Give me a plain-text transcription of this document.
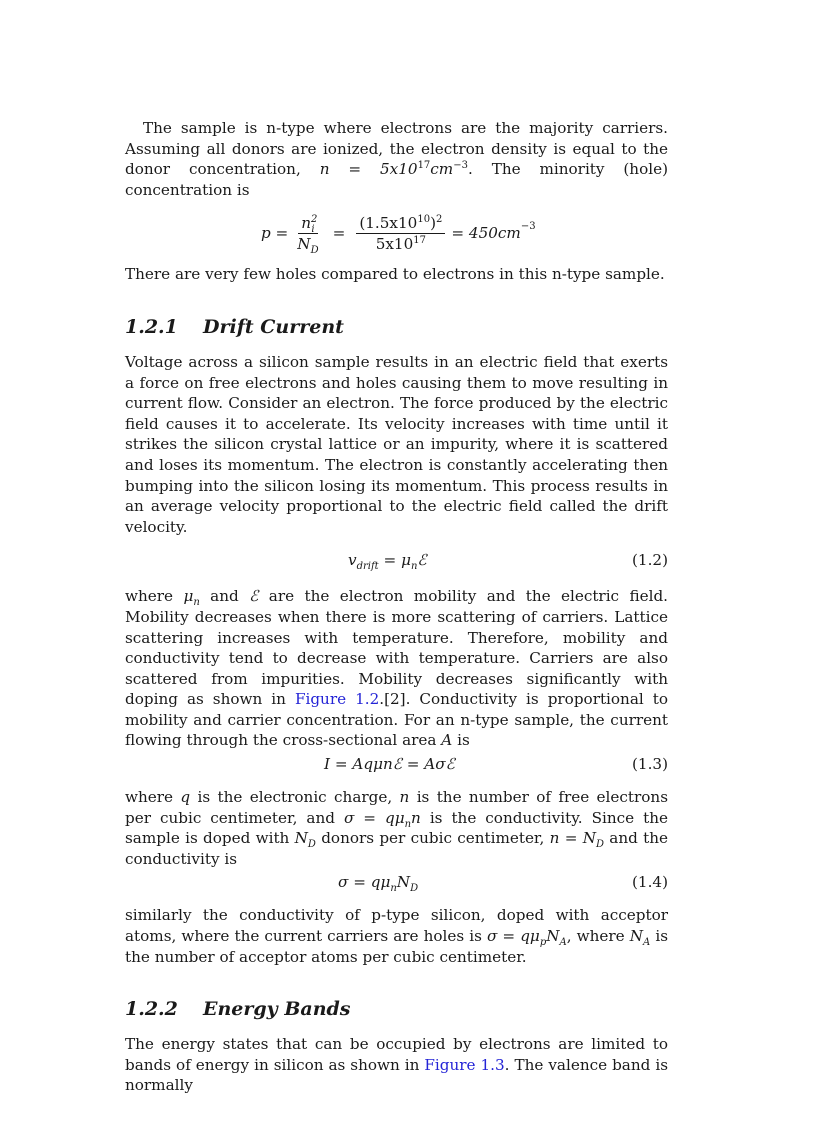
The sample is n-type where electrons are the majority carriers. Assuming all donors are ionized, the electron density is equal to the donor concentration, $n = 5x10^{17}cm^{-3}$. The minority (hole) concentration is

$p = \frac{n^2_i}{N_D} = \frac{(1.5x10^{10})^2}{5x10^{17}} = 450cm^{-3}$

There are very few holes compared to electrons in this n-type sample.

1.2.1 Drift Current

Voltage across a silicon sample results in an electric field that exerts a force on free electrons and holes causing them to move resulting in current flow. Consider an electron. The force produced by the electric field causes it to accelerate. Its velocity increases with time until it strikes the silicon crystal lattice or an impurity, where it is scattered and loses its momentum. The electron is constantly accelerating then bumping into the silicon losing its momentum. This process results in an average velocity proportional to the electric field called the drift velocity.

$v_{drift}$ = $\mu_nℰ$	(1.2)

where $\mu_n$ and ℰ are the electron mobility and the electric field. Mobility decreases when there is more scattering of carriers. Lattice scattering increases with temperature. Therefore, mobility and conductivity tend to decrease with temperature. Carriers are also scattered from impurities. Mobility decreases significantly with doping as shown in Figure 1.2.[2]. Conductivity is proportional to mobility and carrier concentration. For an n-type sample, the current flowing through the cross-sectional area A is

I = Aqμnℰ = Aσℰ	(1.3)

where q is the electronic charge, n is the number of free electrons per cubic centimeter, and $\sigma = q\mu_nn$ is the conductivity. Since the sample is doped with $N_D$ donors per cubic centimeter, $n = N_D$ and the conductivity is

$\sigma = q\mu_nN_D$	(1.4)

similarly the conductivity of p-type silicon, doped with acceptor atoms, where the current carriers are holes is $\sigma = q\mu_pN_A$, where $N_A$ is the number of acceptor atoms per cubic centimeter.

1.2.2 Energy Bands

The energy states that can be occupied by electrons are limited to bands of energy in silicon as shown in Figure 1.3. The valence band is normally
